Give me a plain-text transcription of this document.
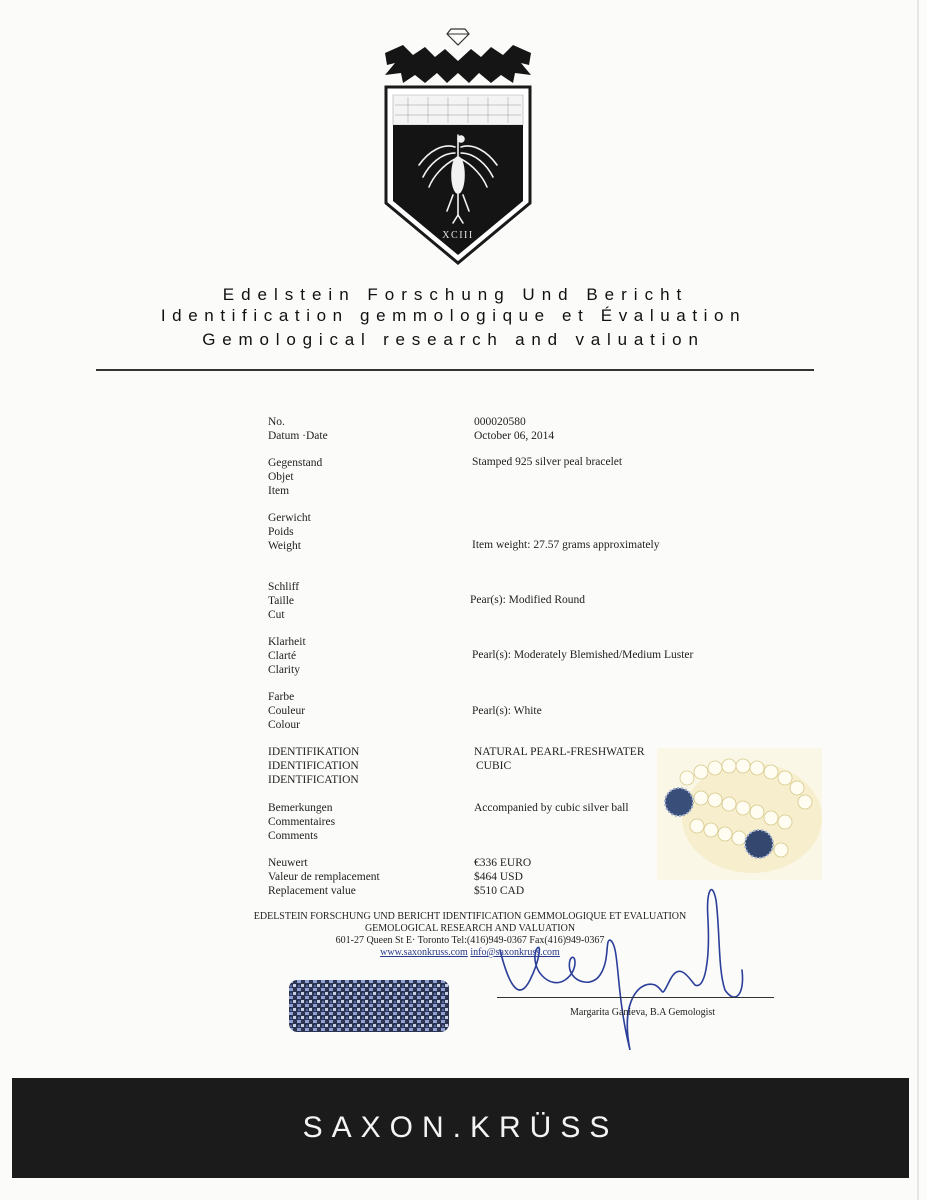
XCIII
Edelstein Forschung Und Bericht
Identification gemmologique et Évaluation
Gemological research and valuation
No.
Datum ·Date
000020580
October 06, 2014
Gegenstand
Objet
Item
Stamped 925 silver peal bracelet
Gerwicht
Poids
Weight	Item weight: 27.57 grams approximately
Schliff
Taille
Cut
Pear(s): Modified Round
Klarheit
Clarté
Clarity
Pearl(s): Moderately Blemished/Medium Luster
Farbe
Couleur
Colour
Pearl(s): White
IDENTIFIKATION
IDENTIFICATION
IDENTIFICATION
NATURAL PEARL-FRESHWATER
CUBIC
Bemerkungen
Commentaires
Comments
Accompanied by cubic silver ball
Neuwert
Valeur de remplacement
Replacement value
€336 EURO
$464 USD
$510 CAD
EDELSTEIN FORSCHUNG UND BERICHT IDENTIFICATION GEMMOLOGIQUE ET EVALUATION
GEMOLOGICAL RESEARCH AND VALUATION
601-27 Queen St E· Toronto Tel:(416)949-0367 Fax(416)949-0367
www.saxonkruss.com info@saxonkruss.com
Margarita Ganieva, B.A Gemologist
SAXON.KRÜSS
